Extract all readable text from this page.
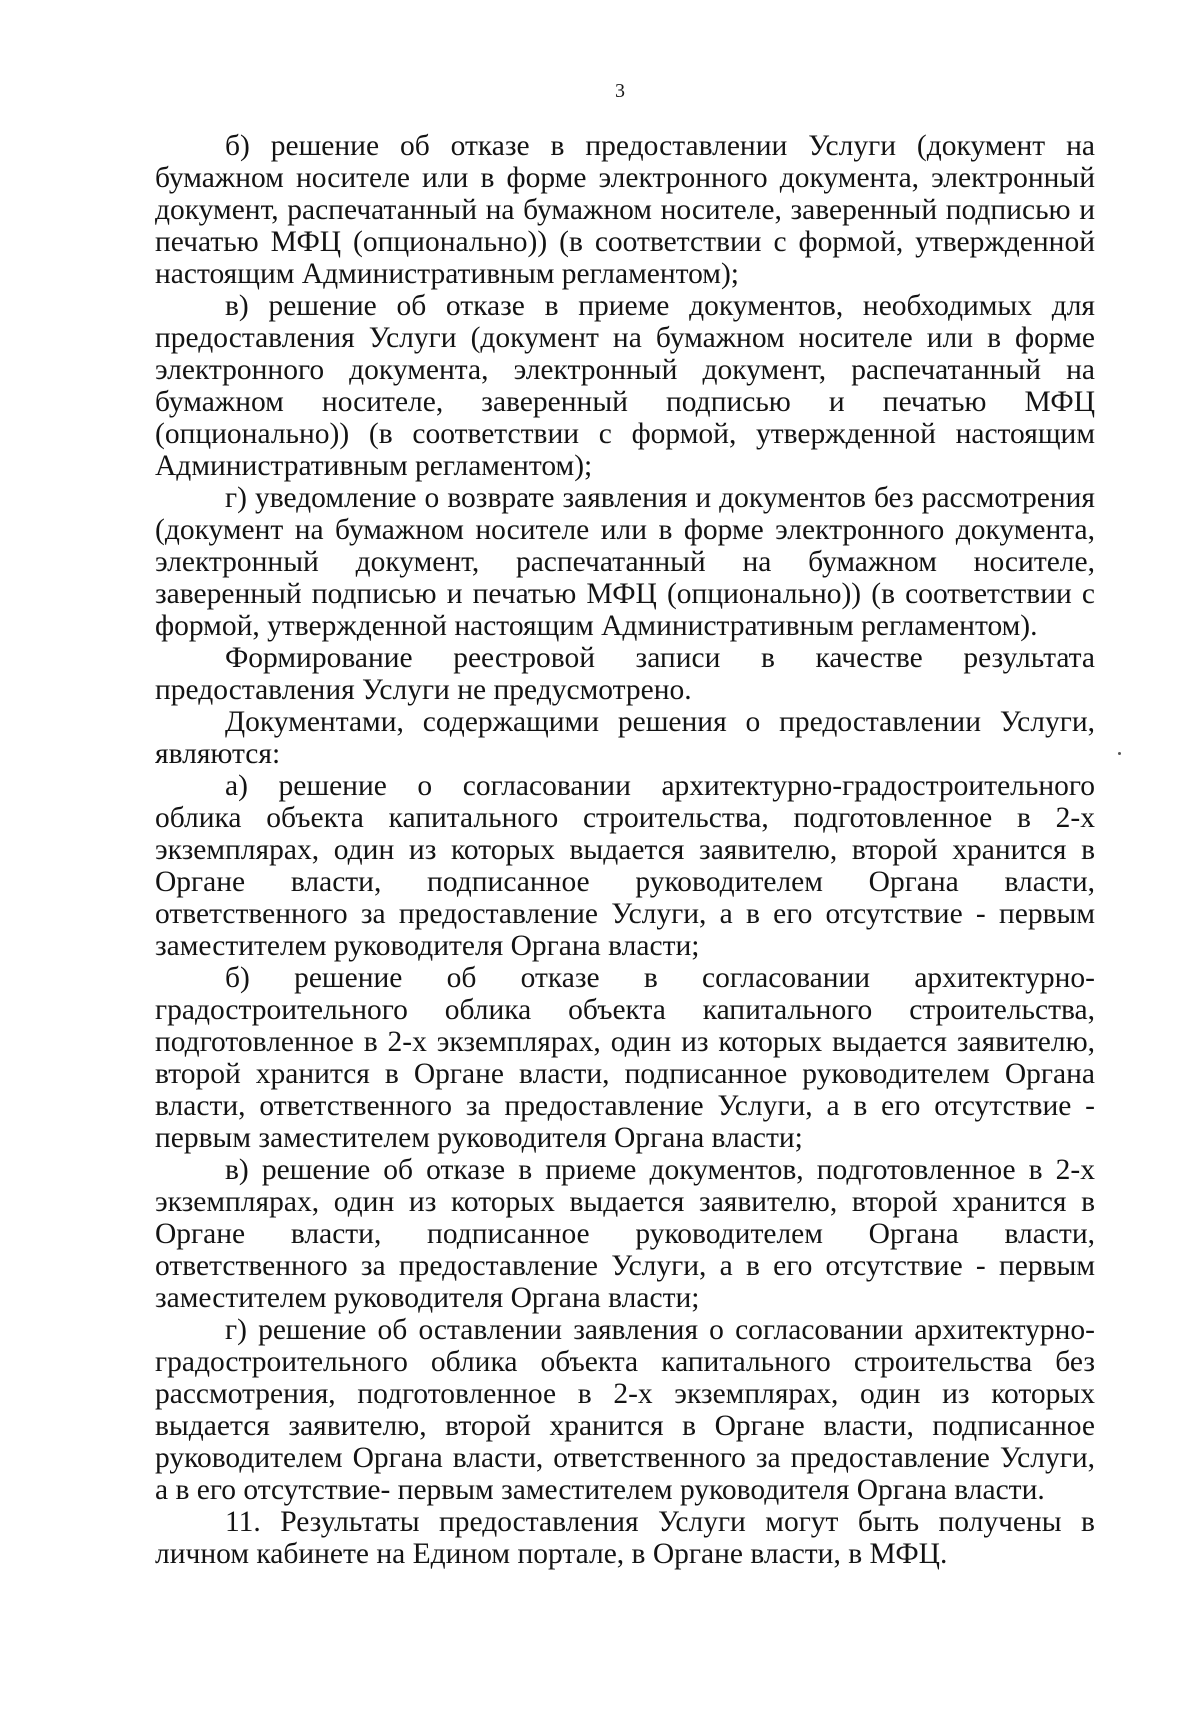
3

б) решение об отказе в предоставлении Услуги (документ на бумажном носителе или в форме электронного документа, электронный документ, распечатанный на бумажном носителе, заверенный подписью и печатью МФЦ (опционально)) (в соответствии с формой, утвержденной настоящим Административным регламентом);

в) решение об отказе в приеме документов, необходимых для предоставления Услуги (документ на бумажном носителе или в форме электронного документа, электронный документ, распечатанный на бумажном носителе, заверенный подписью и печатью МФЦ (опционально)) (в соответствии с формой, утвержденной настоящим Административным регламентом);

г) уведомление о возврате заявления и документов без рассмотрения (документ на бумажном носителе или в форме электронного документа, электронный документ, распечатанный на бумажном носителе, заверенный подписью и печатью МФЦ (опционально)) (в соответствии с формой, утвержденной настоящим Административным регламентом).

Формирование реестровой записи в качестве результата предоставления Услуги не предусмотрено.

Документами, содержащими решения о предоставлении Услуги, являются:

а) решение о согласовании архитектурно-градостроительного облика объекта капитального строительства, подготовленное в 2-х экземплярах, один из которых выдается заявителю, второй хранится в Органе власти, подписанное руководителем Органа власти, ответственного за предоставление Услуги, а в его отсутствие - первым заместителем руководителя Органа власти;

б) решение об отказе в согласовании архитектурно-градостроительного облика объекта капитального строительства, подготовленное в 2-х экземплярах, один из которых выдается заявителю, второй хранится в Органе власти, подписанное руководителем Органа власти, ответственного за предоставление Услуги, а в его отсутствие - первым заместителем руководителя Органа власти;

в) решение об отказе в приеме документов, подготовленное в 2-х экземплярах, один из которых выдается заявителю, второй хранится в Органе власти, подписанное руководителем Органа власти, ответственного за предоставление Услуги, а в его отсутствие - первым заместителем руководителя Органа власти;

г) решение об оставлении заявления о согласовании архитектурно-градостроительного облика объекта капитального строительства без рассмотрения, подготовленное в 2-х экземплярах, один из которых выдается заявителю, второй хранится в Органе власти, подписанное руководителем Органа власти, ответственного за предоставление Услуги, а в его отсутствие- первым заместителем руководителя Органа власти.

11. Результаты предоставления Услуги могут быть получены в личном кабинете на Едином портале, в Органе власти, в МФЦ.
